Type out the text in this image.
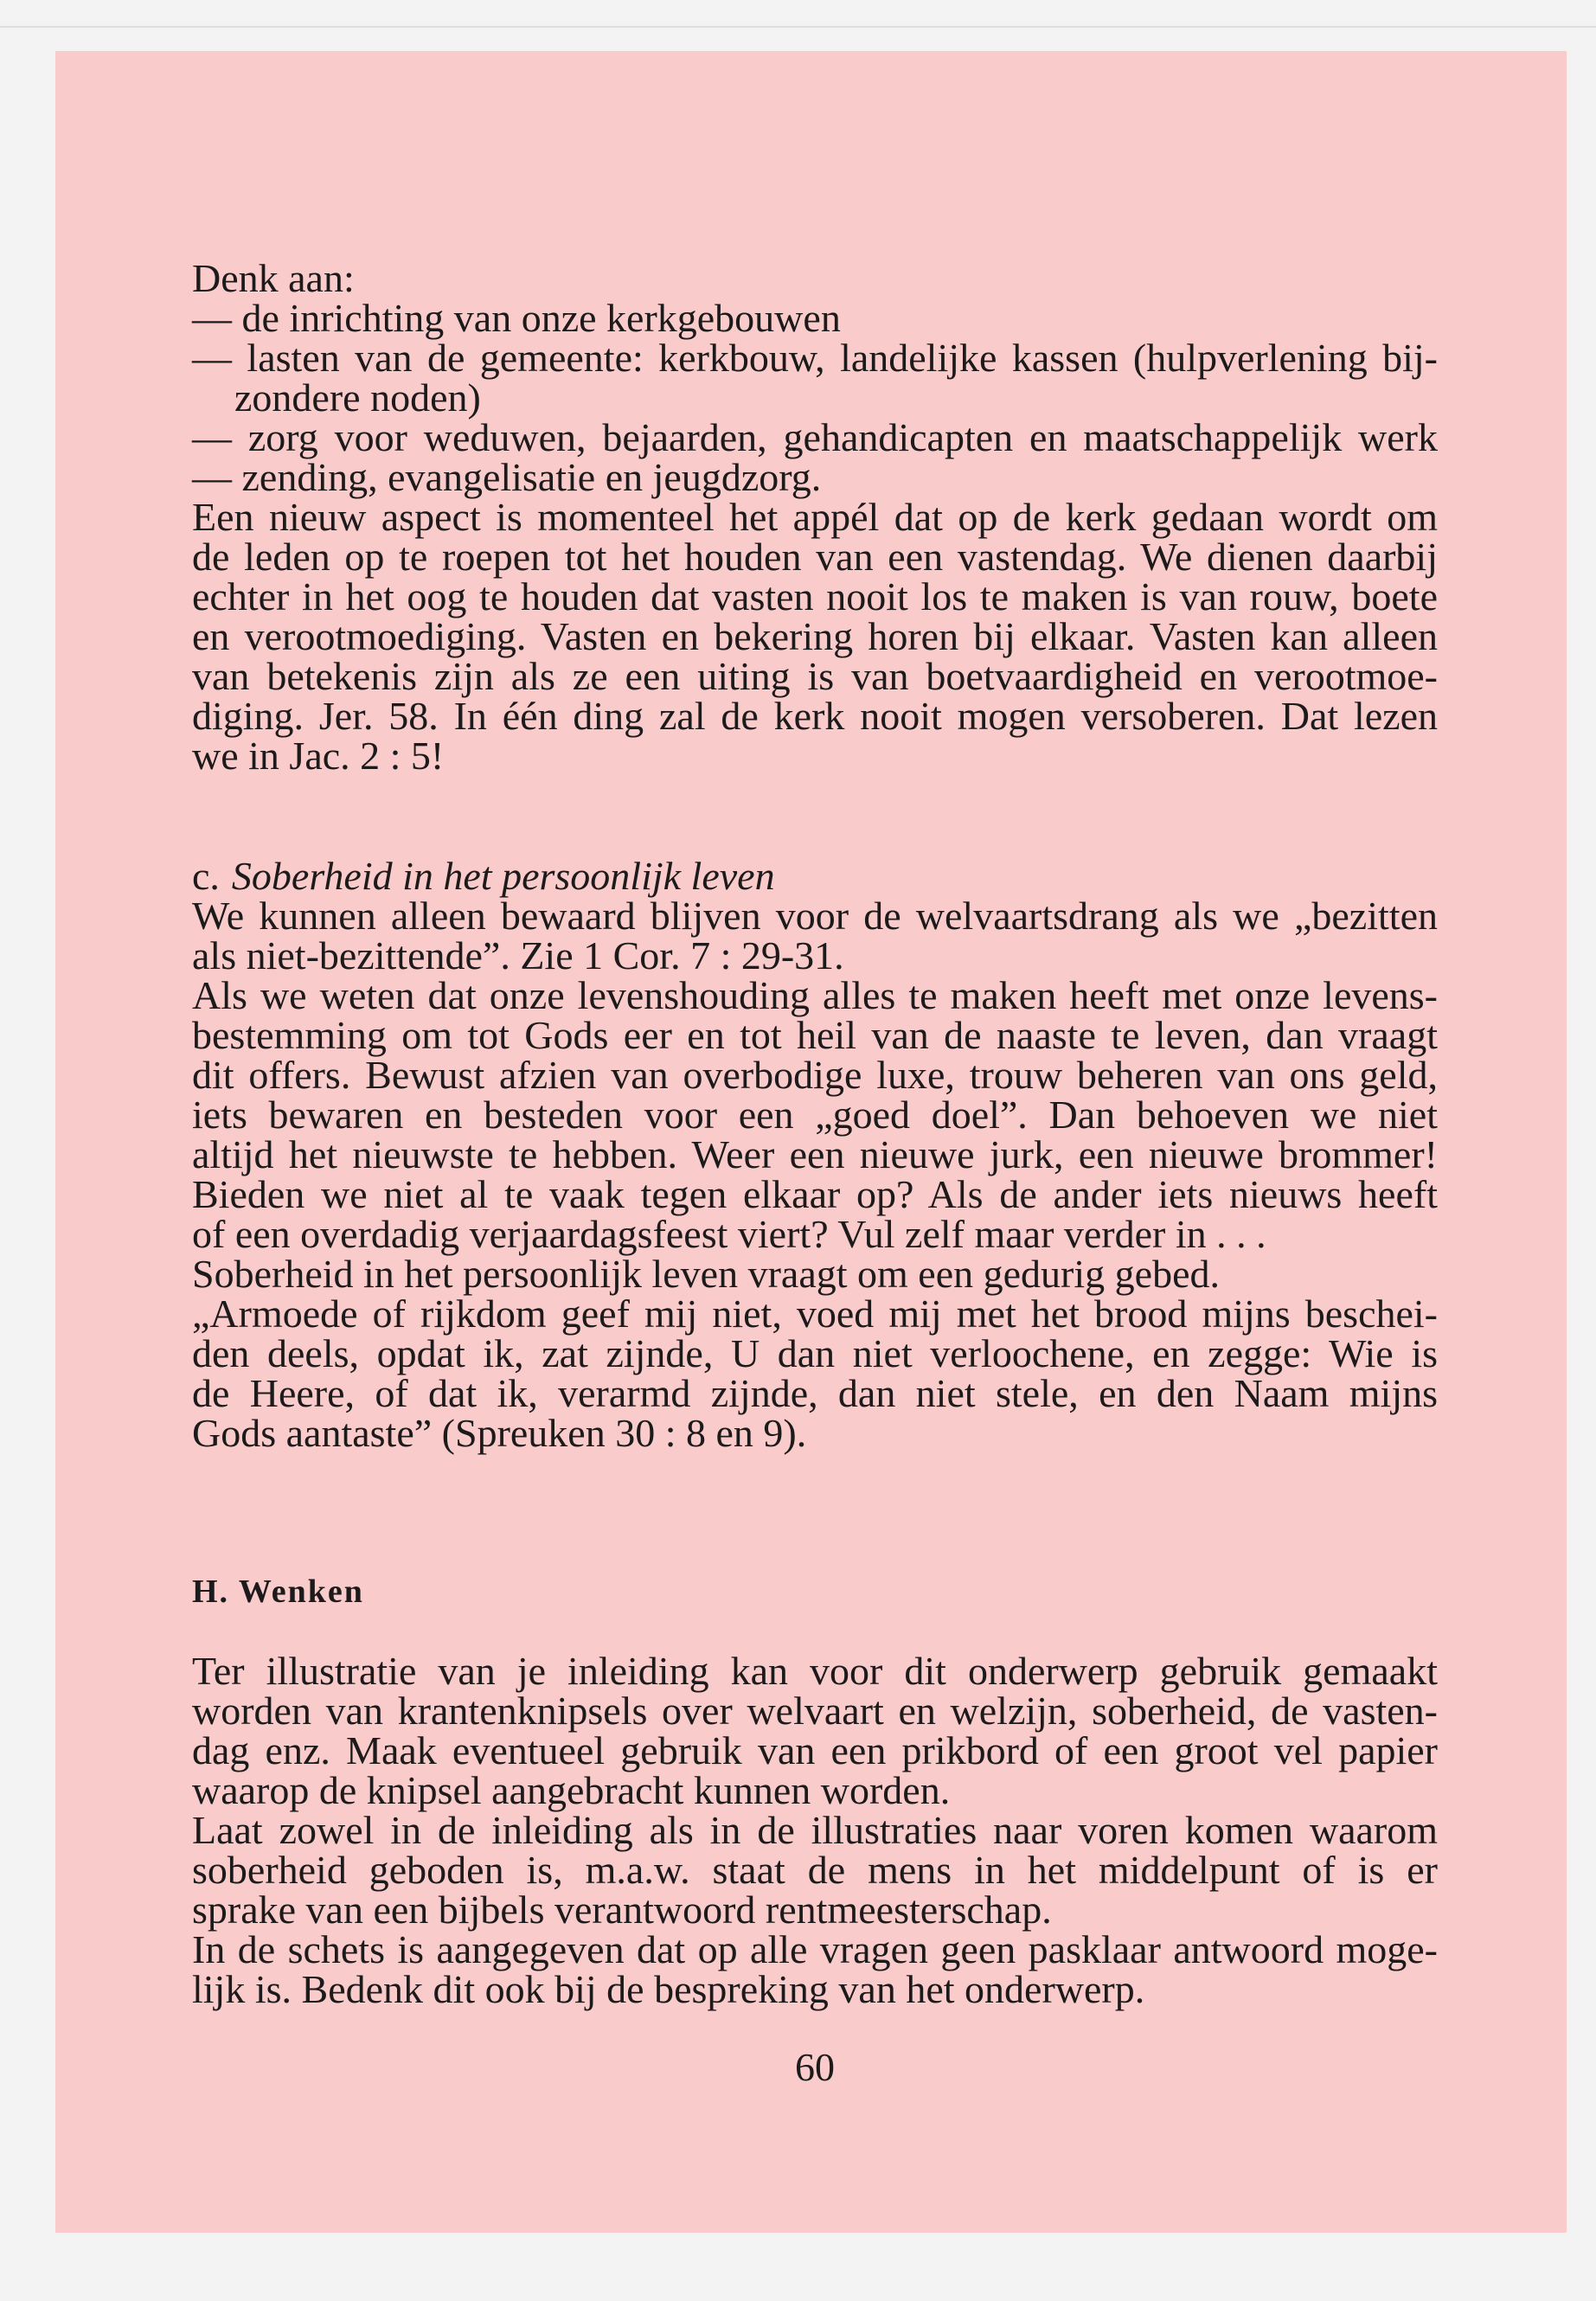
Denk aan:
— de inrichting van onze kerkgebouwen
— lasten van de gemeente: kerkbouw, landelijke kassen (hulpverlening bij-
zondere noden)
— zorg voor weduwen, bejaarden, gehandicapten en maatschappelijk werk
— zending, evangelisatie en jeugdzorg.
Een nieuw aspect is momenteel het appél dat op de kerk gedaan wordt om
de leden op te roepen tot het houden van een vastendag. We dienen daarbij
echter in het oog te houden dat vasten nooit los te maken is van rouw, boete
en verootmoediging. Vasten en bekering horen bij elkaar. Vasten kan alleen
van betekenis zijn als ze een uiting is van boetvaardigheid en verootmoe-
diging. Jer. 58. In één ding zal de kerk nooit mogen versoberen. Dat lezen
we in Jac. 2 : 5!
c. Soberheid in het persoonlijk leven
We kunnen alleen bewaard blijven voor de welvaartsdrang als we „bezitten
als niet-bezittende”. Zie 1 Cor. 7 : 29-31.
Als we weten dat onze levenshouding alles te maken heeft met onze levens-
bestemming om tot Gods eer en tot heil van de naaste te leven, dan vraagt
dit offers. Bewust afzien van overbodige luxe, trouw beheren van ons geld,
iets bewaren en besteden voor een „goed doel”. Dan behoeven we niet
altijd het nieuwste te hebben. Weer een nieuwe jurk, een nieuwe brommer!
Bieden we niet al te vaak tegen elkaar op? Als de ander iets nieuws heeft
of een overdadig verjaardagsfeest viert? Vul zelf maar verder in . . .
Soberheid in het persoonlijk leven vraagt om een gedurig gebed.
„Armoede of rijkdom geef mij niet, voed mij met het brood mijns beschei-
den deels, opdat ik, zat zijnde, U dan niet verloochene, en zegge: Wie is
de Heere, of dat ik, verarmd zijnde, dan niet stele, en den Naam mijns
Gods aantaste” (Spreuken 30 : 8 en 9).
H. Wenken
Ter illustratie van je inleiding kan voor dit onderwerp gebruik gemaakt
worden van krantenknipsels over welvaart en welzijn, soberheid, de vasten-
dag enz. Maak eventueel gebruik van een prikbord of een groot vel papier
waarop de knipsel aangebracht kunnen worden.
Laat zowel in de inleiding als in de illustraties naar voren komen waarom
soberheid geboden is, m.a.w. staat de mens in het middelpunt of is er
sprake van een bijbels verantwoord rentmeesterschap.
In de schets is aangegeven dat op alle vragen geen pasklaar antwoord moge-
lijk is. Bedenk dit ook bij de bespreking van het onderwerp.
60
